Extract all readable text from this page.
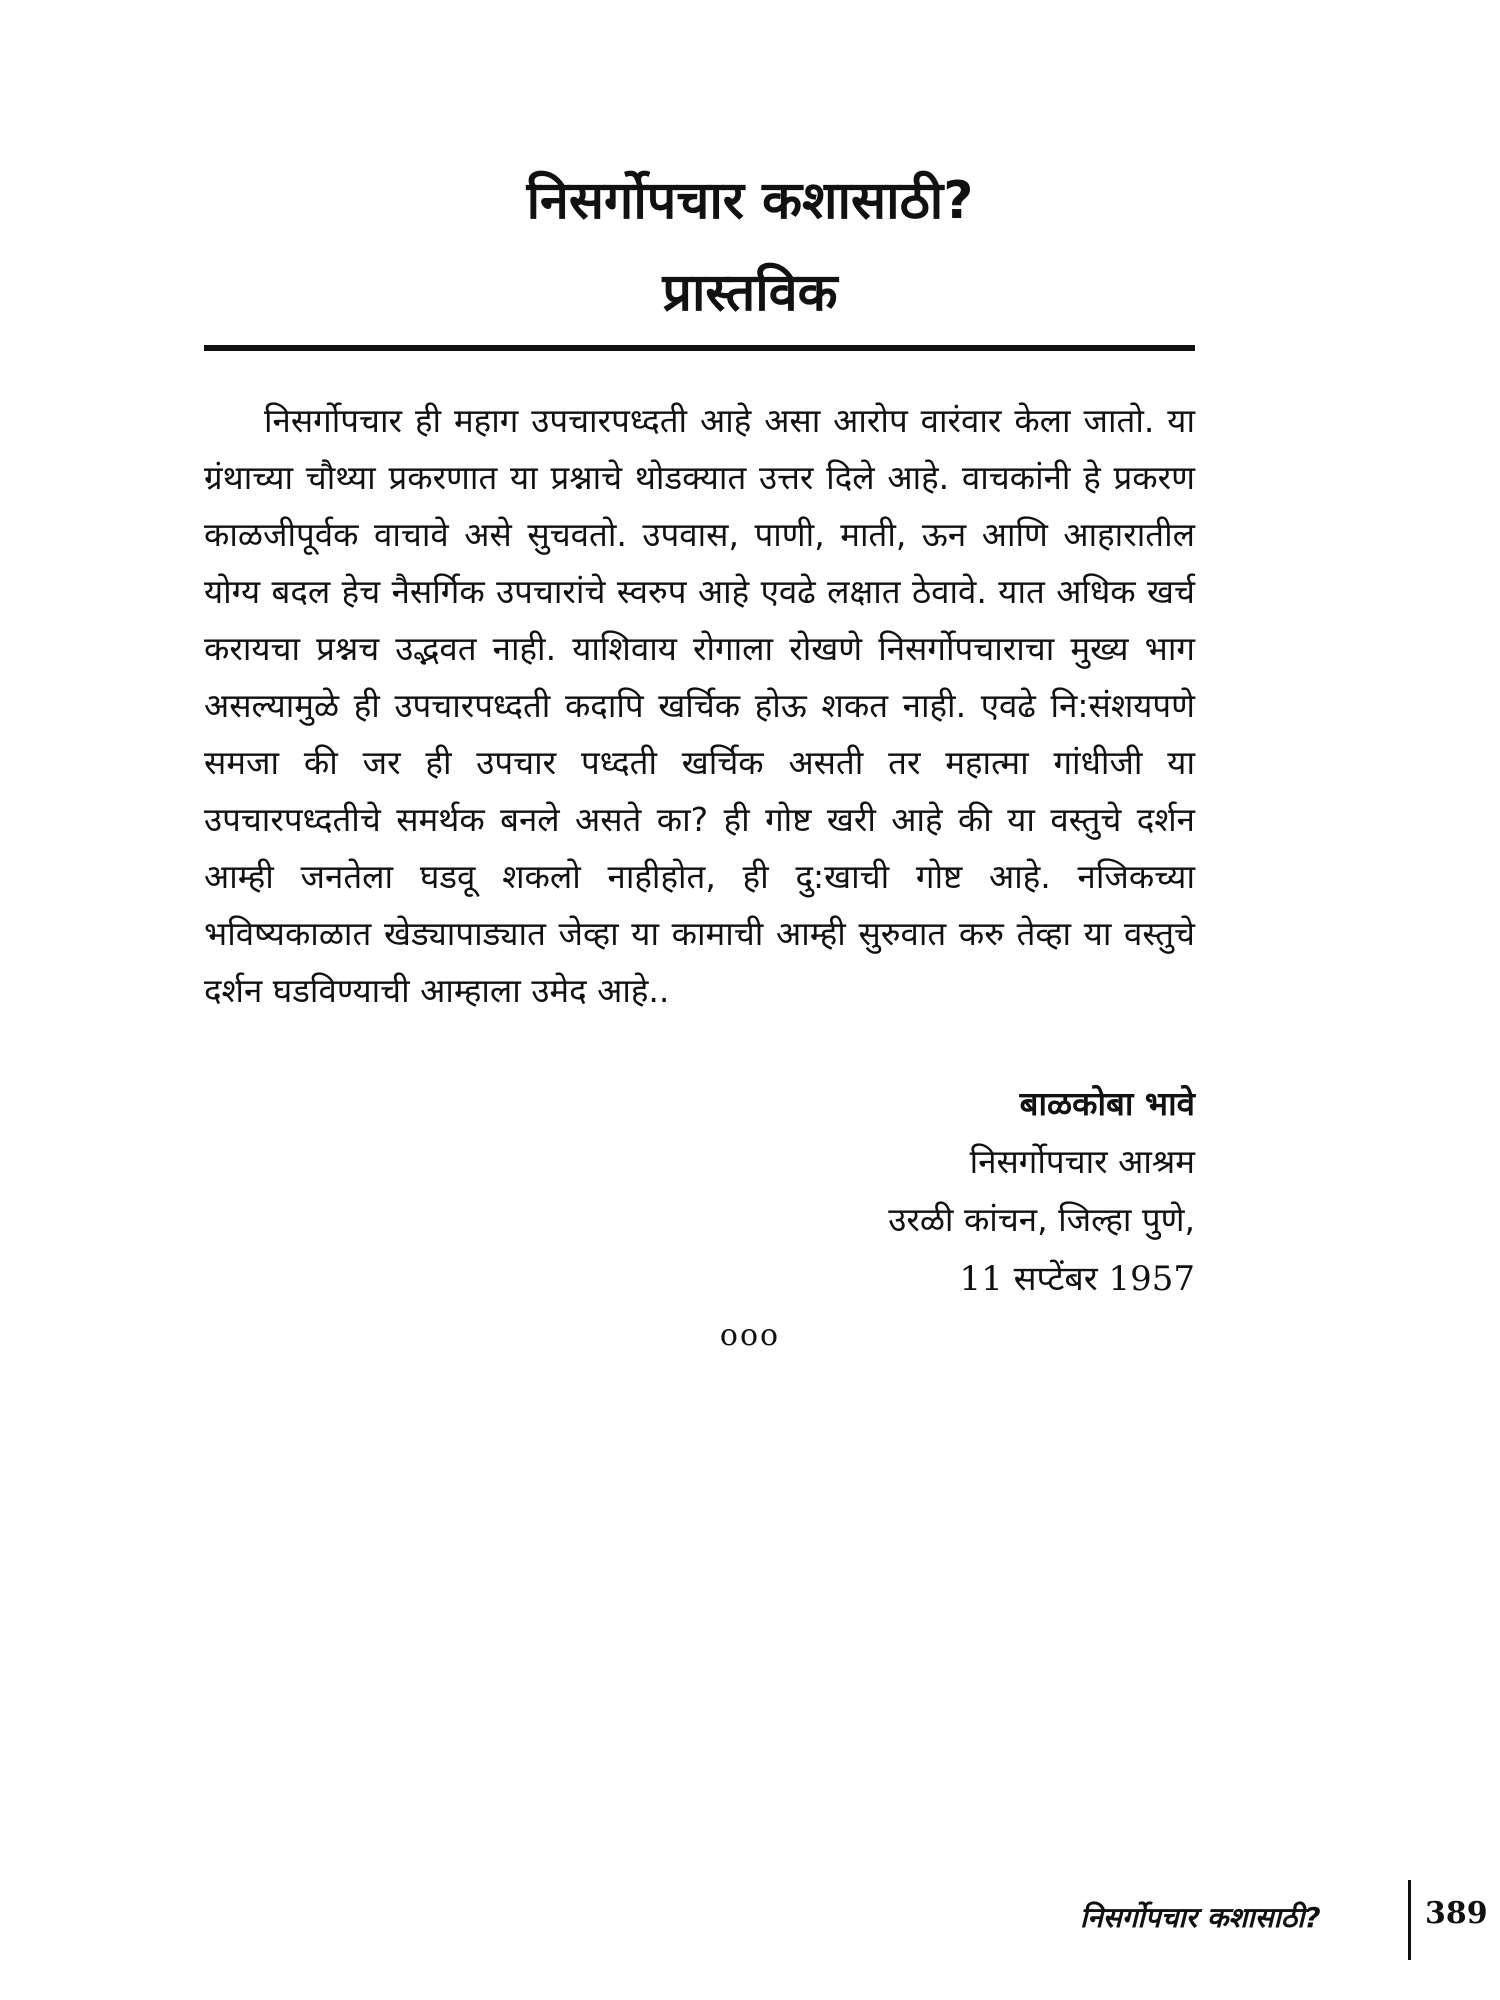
निसर्गोपचार कशासाठी?
प्रास्तविक

निसर्गोपचार ही महाग उपचारपध्दती आहे असा आरोप वारंवार केला जातो. या ग्रंथाच्या चौथ्या प्रकरणात या प्रश्नाचे थोडक्यात उत्तर दिले आहे. वाचकांनी हे प्रकरण काळजीपूर्वक वाचावे असे सुचवतो. उपवास, पाणी, माती, ऊन आणि आहारातील योग्य बदल हेच नैसर्गिक उपचारांचे स्वरुप आहे एवढे लक्षात ठेवावे. यात अधिक खर्च करायचा प्रश्नच उद्भवत नाही. याशिवाय रोगाला रोखणे निसर्गोपचाराचा मुख्य भाग असल्यामुळे ही उपचारपध्दती कदापि खर्चिक होऊ शकत नाही. एवढे नि:संशयपणे समजा की जर ही उपचार पध्दती खर्चिक असती तर महात्मा गांधीजी या उपचारपध्दतीचे समर्थक बनले असते का? ही गोष्ट खरी आहे की या वस्तुचे दर्शन आम्ही जनतेला घडवू शकलो नाहीहोत, ही दु:खाची गोष्ट आहे. नजिकच्या भविष्यकाळात खेड्यापाड्यात जेव्हा या कामाची आम्ही सुरुवात करु तेव्हा या वस्तुचे दर्शन घडविण्याची आम्हाला उमेद आहे..

बाळकोबा भावे
निसर्गोपचार आश्रम
उरळी कांचन, जिल्हा पुणे,
11 सप्टेंबर 1957
ooo
निसर्गोपचार कशासाठी?	389
